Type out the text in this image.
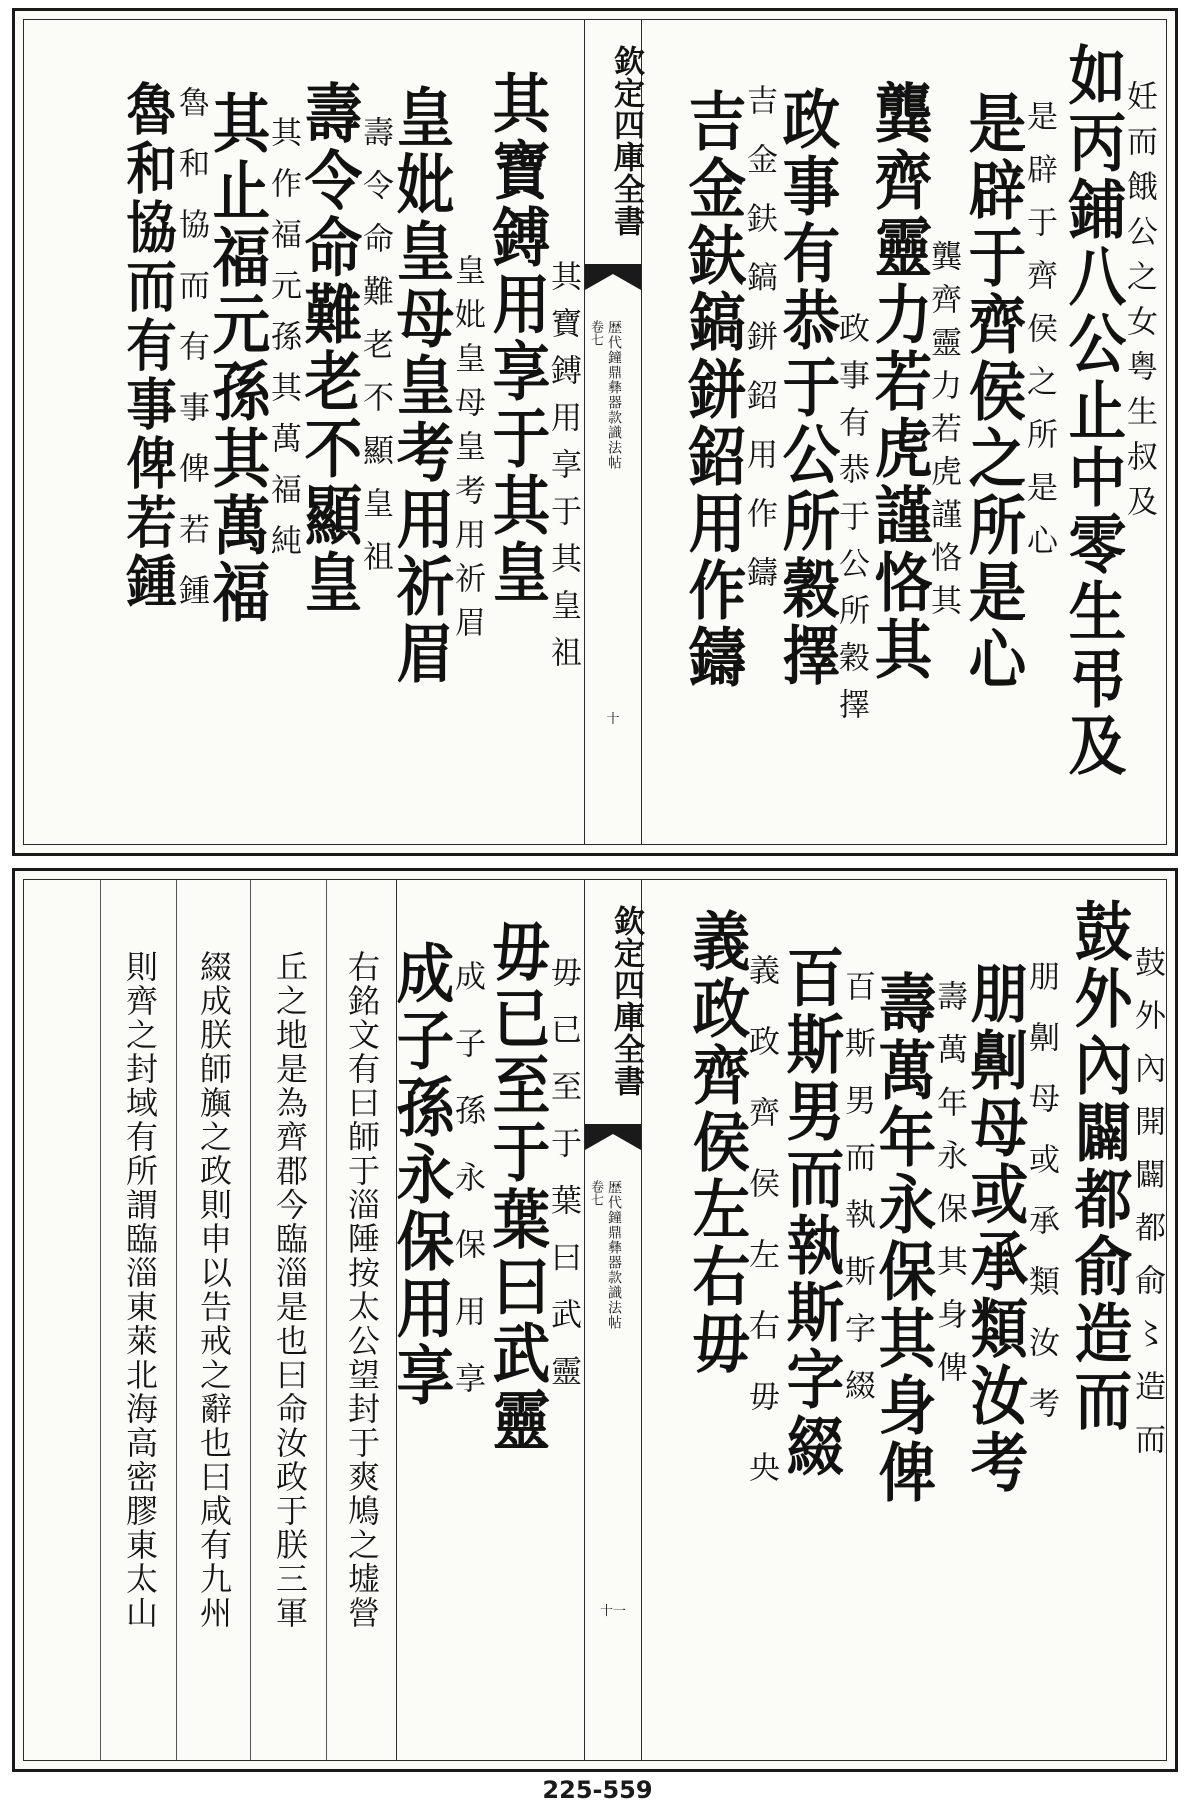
如丙鋪八公止中零生弔及
妊而餓公之女粤生叔及
是辟于齊侯之所是心
是辟于齊侯之所是心
龔齊靈力若虎謹恪其
龔齊靈力若虎謹恪其
政事有恭于公所穀擇
政事有恭于公所穀擇
吉金鈇鎬鉼鉊用作鑄
吉金鈇鎬鉼鉊用作鑄
欽定四庫全書
歴代鐘鼎彝器款識法帖
卷七
十
其寶鎛用享于其皇
其寶鎛用享于其皇祖
皇妣皇母皇考用祈眉
皇妣皇母皇考用祈眉
壽令命難老不顯皇
壽令命難老不顯皇祖
其止福元孫其萬福
其作福元孫其萬福純
魯和協而有事俾若鍾
魯和協而有事俾若鍾
鼓外內闢都俞造而
鼓外內開闢都俞〻造而
朋劓母或承類汝考
朋劓母或承類汝考
壽萬年永保其身俾
壽萬年永保其身俾
百斯男而執斯字綴
百斯男而執斯字綴
義政齊侯左右毋
義政齊侯左右毋央
欽定四庫全書
歴代鐘鼎彝器款識法帖
卷七
十一
毋已至于葉曰武靈
毋已至于葉曰武靈
成子孫永保用享
成子孫永保用享
右銘文有曰師于淄陲按太公望封于爽鳩之墟營
丘之地是為齊郡今臨淄是也曰命汝政于朕三軍
綴成朕師旟之政則申以告戒之辭也曰咸有九州
則齊之封域有所謂臨淄東萊北海高密膠東太山
225-559
